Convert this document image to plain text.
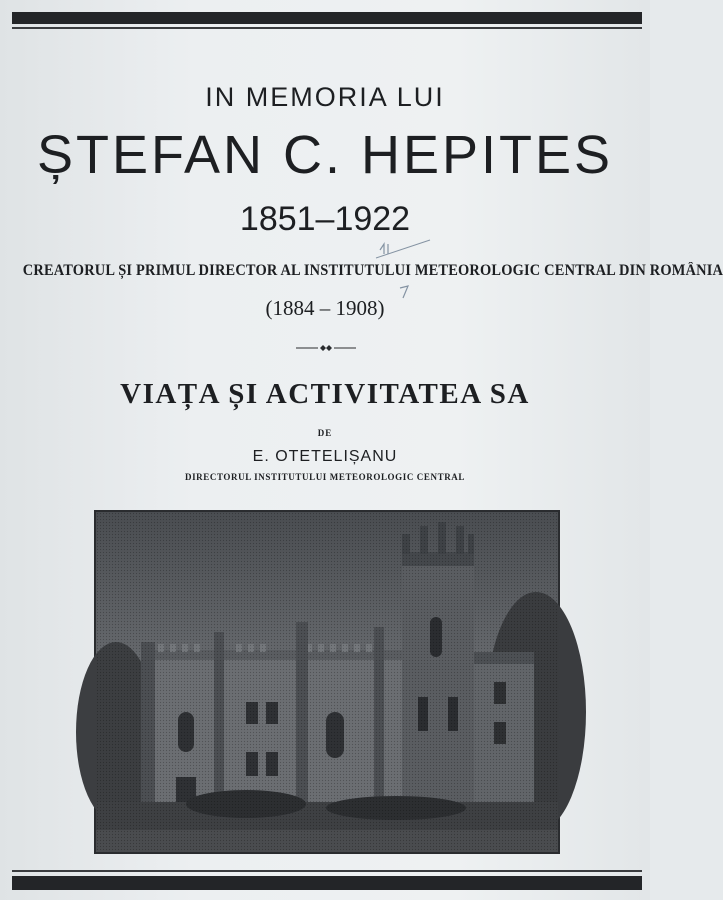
IN MEMORIA LUI
ȘTEFAN C. HEPITES
1851–1922
CREATORUL ȘI PRIMUL DIRECTOR AL INSTITUTULUI METEOROLOGIC CENTRAL DIN ROMÂNIA
(1884 – 1908)
VIAȚA ȘI ACTIVITATEA SA
DE
E. OTETELIȘANU
DIRECTORUL INSTITUTULUI METEOROLOGIC CENTRAL
